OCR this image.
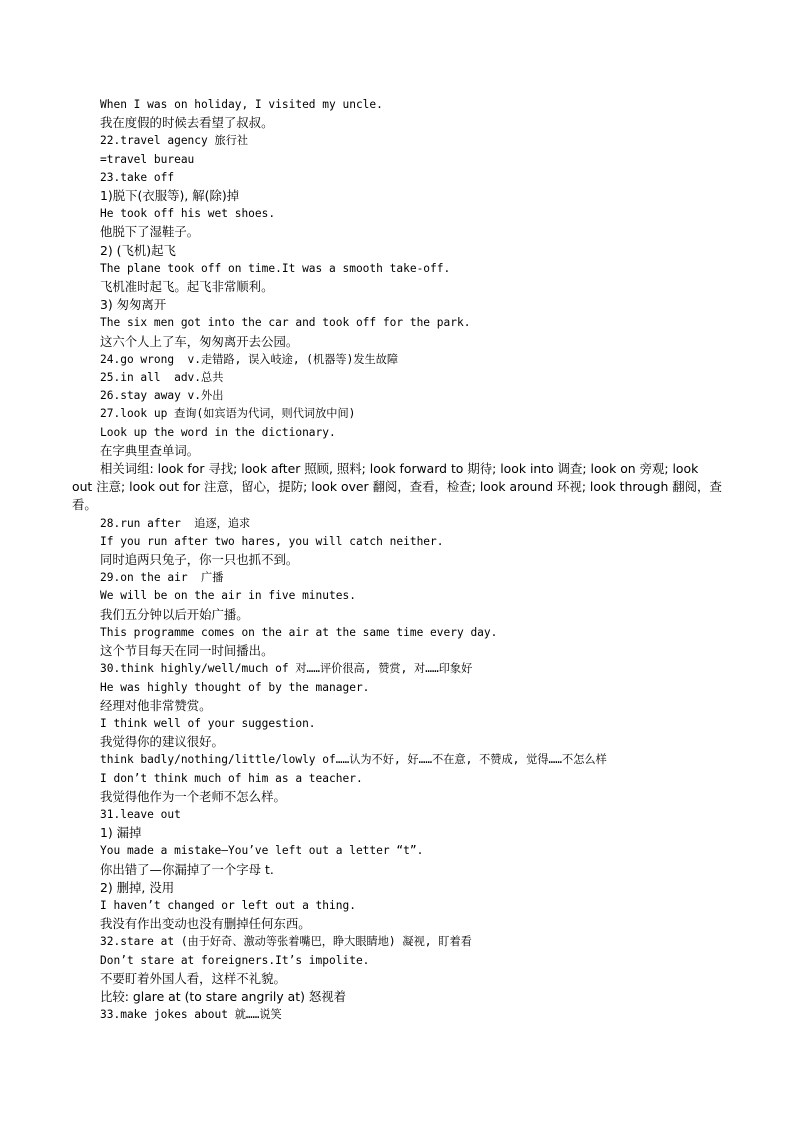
When I was on holiday, I visited my uncle.
我在度假的时候去看望了叔叔。
22.travel agency 旅行社
=travel bureau
23.take off
1)脱下(衣服等), 解(除)掉
He took off his wet shoes.
他脱下了湿鞋子。
2) (飞机)起飞
The plane took off on time.It was a smooth take-off.
飞机准时起飞。起飞非常顺利。
3) 匆匆离开
The six men got into the car and took off for the park.
这六个人上了车，匆匆离开去公园。
24.go wrong  v.走错路, 误入岐途, (机器等)发生故障
25.in all  adv.总共
26.stay away v.外出
27.look up 查询(如宾语为代词，则代词放中间)
Look up the word in the dictionary.
在字典里查单词。
相关词组: look for 寻找; look after 照顾, 照料; look forward to 期待; look into 调查; look on 旁观; look out 注意; look out for 注意，留心，提防; look over 翻阅，查看，检查; look around 环视; look through 翻阅，查看。
28.run after  追逐，追求
If you run after two hares, you will catch neither.
同时追两只兔子，你一只也抓不到。
29.on the air  广播
We will be on the air in five minutes.
我们五分钟以后开始广播。
This programme comes on the air at the same time every day.
这个节目每天在同一时间播出。
30.think highly/well/much of 对……评价很高, 赞赏, 对……印象好
He was highly thought of by the manager.
经理对他非常赞赏。
I think well of your suggestion.
我觉得你的建议很好。
think badly/nothing/little/lowly of……认为不好, 好……不在意, 不赞成, 觉得……不怎么样
I don’t think much of him as a teacher.
我觉得他作为一个老师不怎么样。
31.leave out
1) 漏掉
You made a mistake—You’ve left out a letter “t”.
你出错了—你漏掉了一个字母 t.
2) 删掉, 没用
I haven’t changed or left out a thing.
我没有作出变动也没有删掉任何东西。
32.stare at (由于好奇、激动等张着嘴巴，睁大眼睛地) 凝视, 盯着看
Don’t stare at foreigners.It’s impolite.
不要盯着外国人看，这样不礼貌。
比较: glare at (to stare angrily at) 怒视着
33.make jokes about 就……说笑
